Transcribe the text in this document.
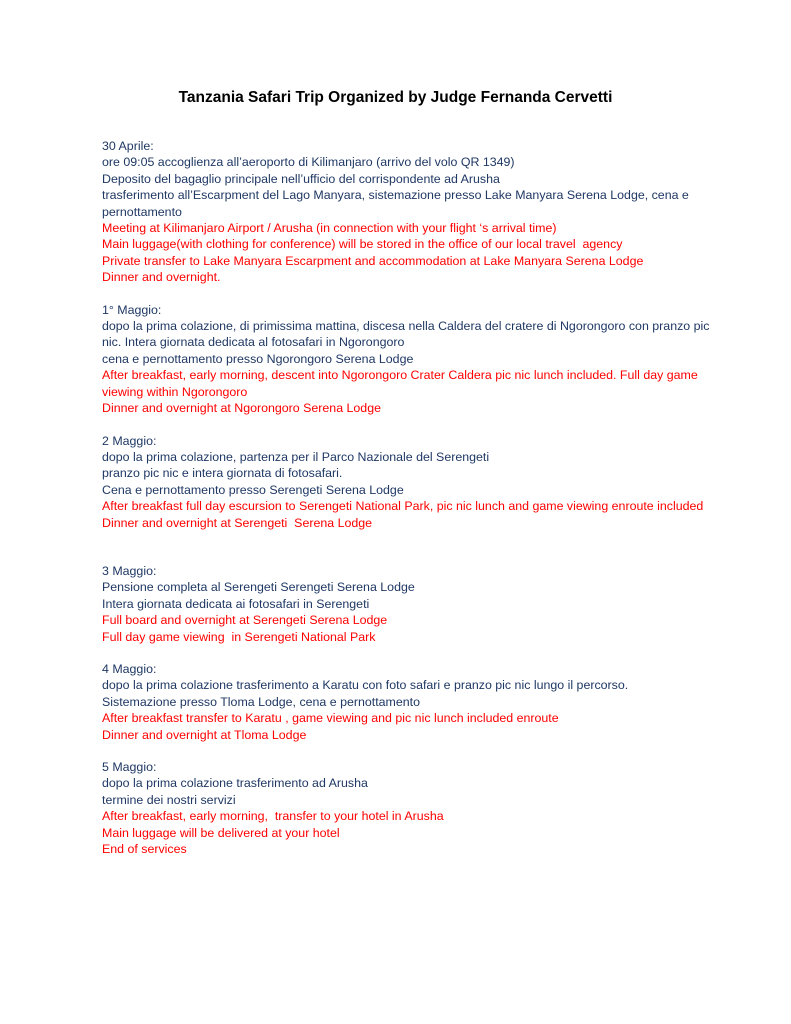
Tanzania Safari Trip Organized by Judge Fernanda Cervetti
30 Aprile:
ore 09:05 accoglienza all’aeroporto di Kilimanjaro (arrivo del volo QR 1349)
Deposito del bagaglio principale nell’ufficio del corrispondente ad Arusha
trasferimento all’Escarpment del Lago Manyara, sistemazione presso Lake Manyara Serena Lodge, cena e pernottamento
Meeting at Kilimanjaro Airport / Arusha (in connection with your flight ‘s arrival time)
Main luggage(with clothing for conference) will be stored in the office of our local travel  agency
Private transfer to Lake Manyara Escarpment and accommodation at Lake Manyara Serena Lodge
Dinner and overnight.
1° Maggio:
dopo la prima colazione, di primissima mattina, discesa nella Caldera del cratere di Ngorongoro con pranzo pic nic. Intera giornata dedicata al fotosafari in Ngorongoro
cena e pernottamento presso Ngorongoro Serena Lodge
After breakfast, early morning, descent into Ngorongoro Crater Caldera pic nic lunch included. Full day game viewing within Ngorongoro
Dinner and overnight at Ngorongoro Serena Lodge
2 Maggio:
dopo la prima colazione, partenza per il Parco Nazionale del Serengeti
pranzo pic nic e intera giornata di fotosafari.
Cena e pernottamento presso Serengeti Serena Lodge
After breakfast full day escursion to Serengeti National Park, pic nic lunch and game viewing enroute included
Dinner and overnight at Serengeti  Serena Lodge
3 Maggio:
Pensione completa al Serengeti Serengeti Serena Lodge
Intera giornata dedicata ai fotosafari in Serengeti
Full board and overnight at Serengeti Serena Lodge
Full day game viewing  in Serengeti National Park
4 Maggio:
dopo la prima colazione trasferimento a Karatu con foto safari e pranzo pic nic lungo il percorso.
Sistemazione presso Tloma Lodge, cena e pernottamento
After breakfast transfer to Karatu , game viewing and pic nic lunch included enroute
Dinner and overnight at Tloma Lodge
5 Maggio:
dopo la prima colazione trasferimento ad Arusha
termine dei nostri servizi
After breakfast, early morning,  transfer to your hotel in Arusha
Main luggage will be delivered at your hotel
End of services
